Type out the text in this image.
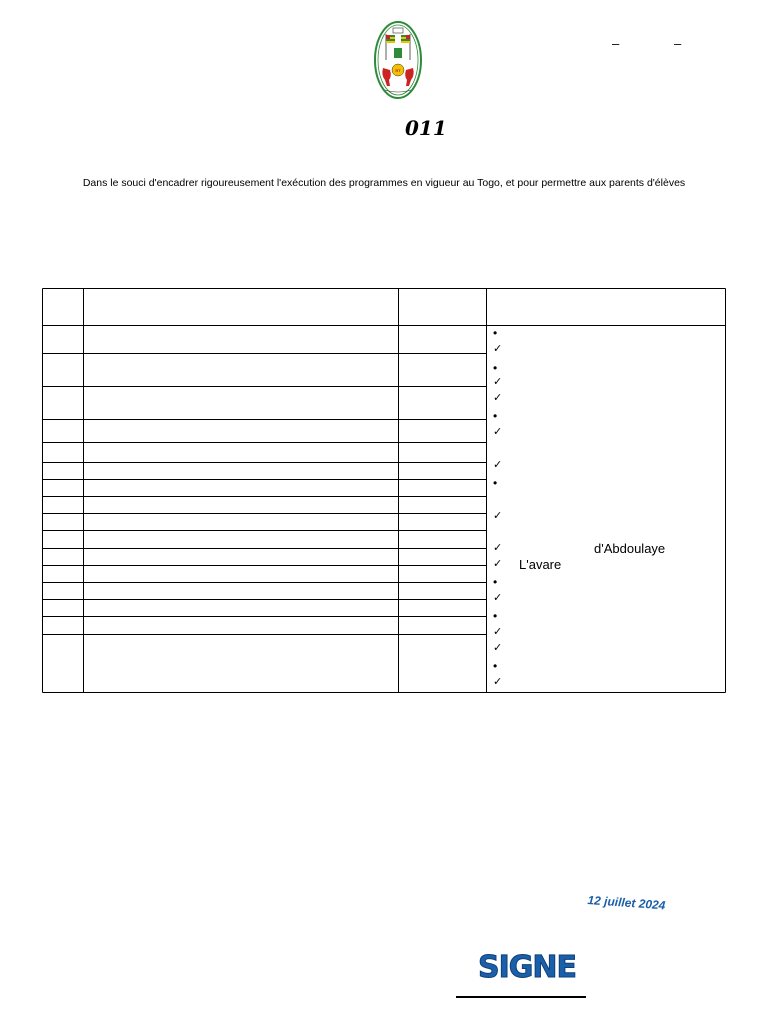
RT
–	–
011
Dans le souci d'encadrer rigoureusement l'exécution des programmes en vigueur au Togo, et pour permettre aux parents d'élèves
•
✓
•
✓
✓
•
✓
✓
•
✓
✓
✓
•
✓
•
✓
✓
•
✓
d'Abdoulaye
L'avare
12 juillet 2024
SIGNE
